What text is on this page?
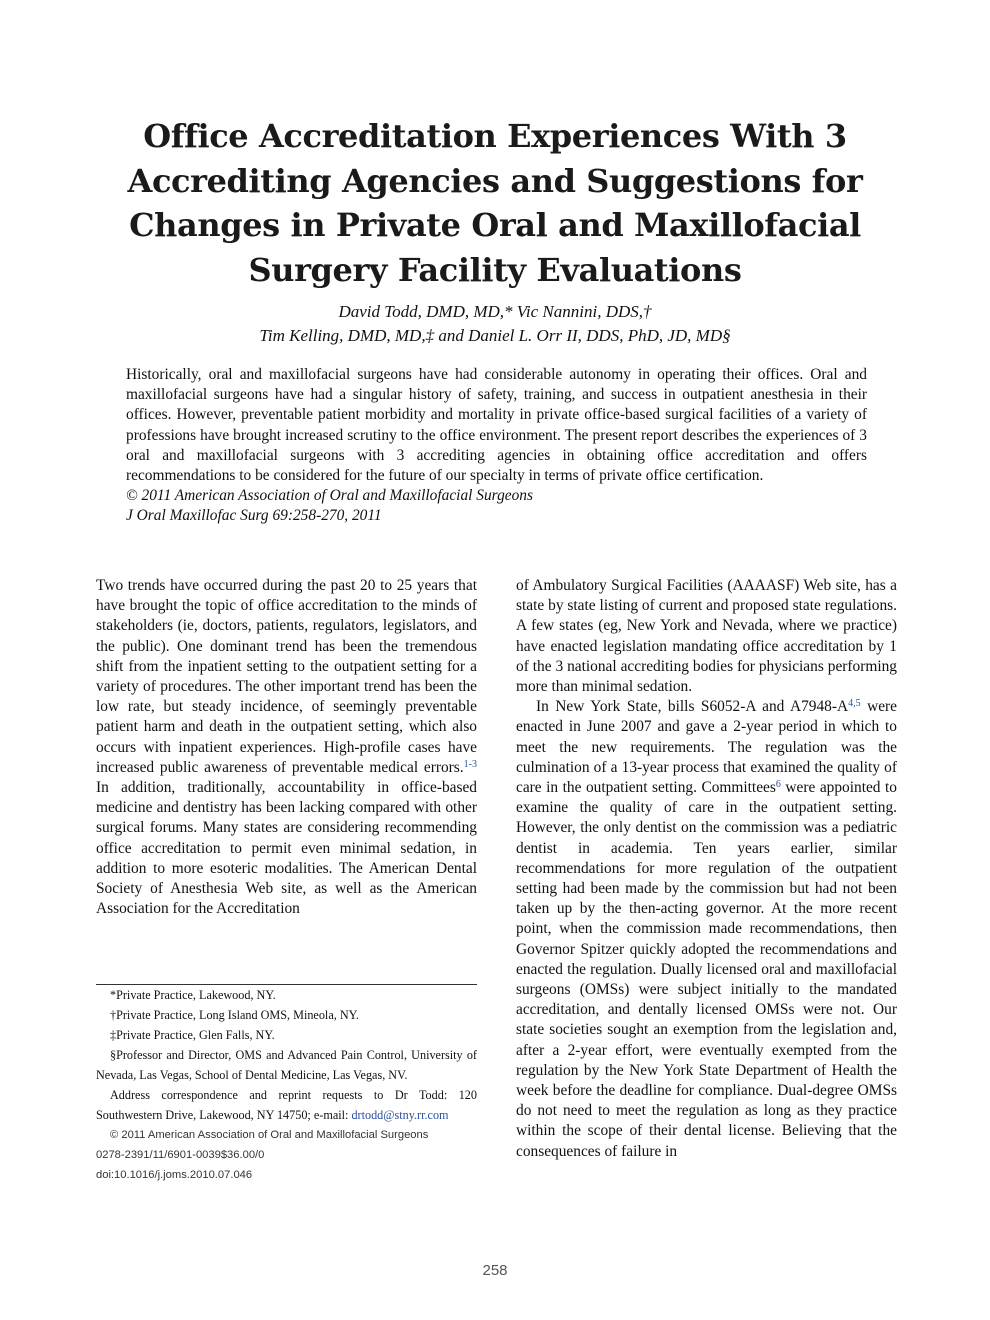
Office Accreditation Experiences With 3 Accrediting Agencies and Suggestions for Changes in Private Oral and Maxillofacial Surgery Facility Evaluations
David Todd, DMD, MD,* Vic Nannini, DDS,†
Tim Kelling, DMD, MD,‡ and Daniel L. Orr II, DDS, PhD, JD, MD§

Historically, oral and maxillofacial surgeons have had considerable autonomy in operating their offices. Oral and maxillofacial surgeons have had a singular history of safety, training, and success in outpatient anesthesia in their offices. However, preventable patient morbidity and mortality in private office-based surgical facilities of a variety of professions have brought increased scrutiny to the office environment. The present report describes the experiences of 3 oral and maxillofacial surgeons with 3 accrediting agencies in obtaining office accreditation and offers recommendations to be considered for the future of our specialty in terms of private office certification.

© 2011 American Association of Oral and Maxillofacial Surgeons

J Oral Maxillofac Surg 69:258-270, 2011

Two trends have occurred during the past 20 to 25 years that have brought the topic of office accreditation to the minds of stakeholders (ie, doctors, patients, regulators, legislators, and the public). One dominant trend has been the tremendous shift from the inpatient setting to the outpatient setting for a variety of procedures. The other important trend has been the low rate, but steady incidence, of seemingly preventable patient harm and death in the outpatient setting, which also occurs with inpatient experiences. High-profile cases have increased public awareness of preventable medical errors.$^{1-3}$ In addition, traditionally, accountability in office-based medicine and dentistry has been lacking compared with other surgical forums. Many states are considering recommending office accreditation to permit even minimal sedation, in addition to more esoteric modalities. The American Dental Society of Anesthesia Web site, as well as the American Association for the Accreditation

of Ambulatory Surgical Facilities (AAAASF) Web site, has a state by state listing of current and proposed state regulations. A few states (eg, New York and Nevada, where we practice) have enacted legislation mandating office accreditation by 1 of the 3 national accrediting bodies for physicians performing more than minimal sedation.

In New York State, bills S6052-A and $A7948-A^{4,5}$ were enacted in June 2007 and gave a 2-year period in which to meet the new requirements. The regulation was the culmination of a 13-year process that examined the quality of care in the outpatient setting. Committees$^6$ were appointed to examine the quality of care in the outpatient setting. However, the only dentist on the commission was a pediatric dentist in academia. Ten years earlier, similar recommendations for more regulation of the outpatient setting had been made by the commission but had not been taken up by the then-acting governor. At the more recent point, when the commission made recommendations, then Governor Spitzer quickly adopted the recommendations and enacted the regulation. Dually licensed oral and maxillofacial surgeons (OMSs) were subject initially to the mandated accreditation, and dentally licensed OMSs were not. Our state societies sought an exemption from the legislation and, after a 2-year effort, were eventually exempted from the regulation by the New York State Department of Health the week before the deadline for compliance. Dual-degree OMSs do not need to meet the regulation as long as they practice within the scope of their dental license. Believing that the consequences of failure in

*Private Practice, Lakewood, NY.

†Private Practice, Long Island OMS, Mineola, NY.

‡Private Practice, Glen Falls, NY.

§Professor and Director, OMS and Advanced Pain Control, University of Nevada, Las Vegas, School of Dental Medicine, Las Vegas, NV.

Address correspondence and reprint requests to Dr Todd: 120 Southwestern Drive, Lakewood, NY 14750; e-mail: drtodd@stny.rr.com

© 2011 American Association of Oral and Maxillofacial Surgeons

0278-2391/11/6901-0039$36.00/0

doi:10.1016/j.joms.2010.07.046

258
